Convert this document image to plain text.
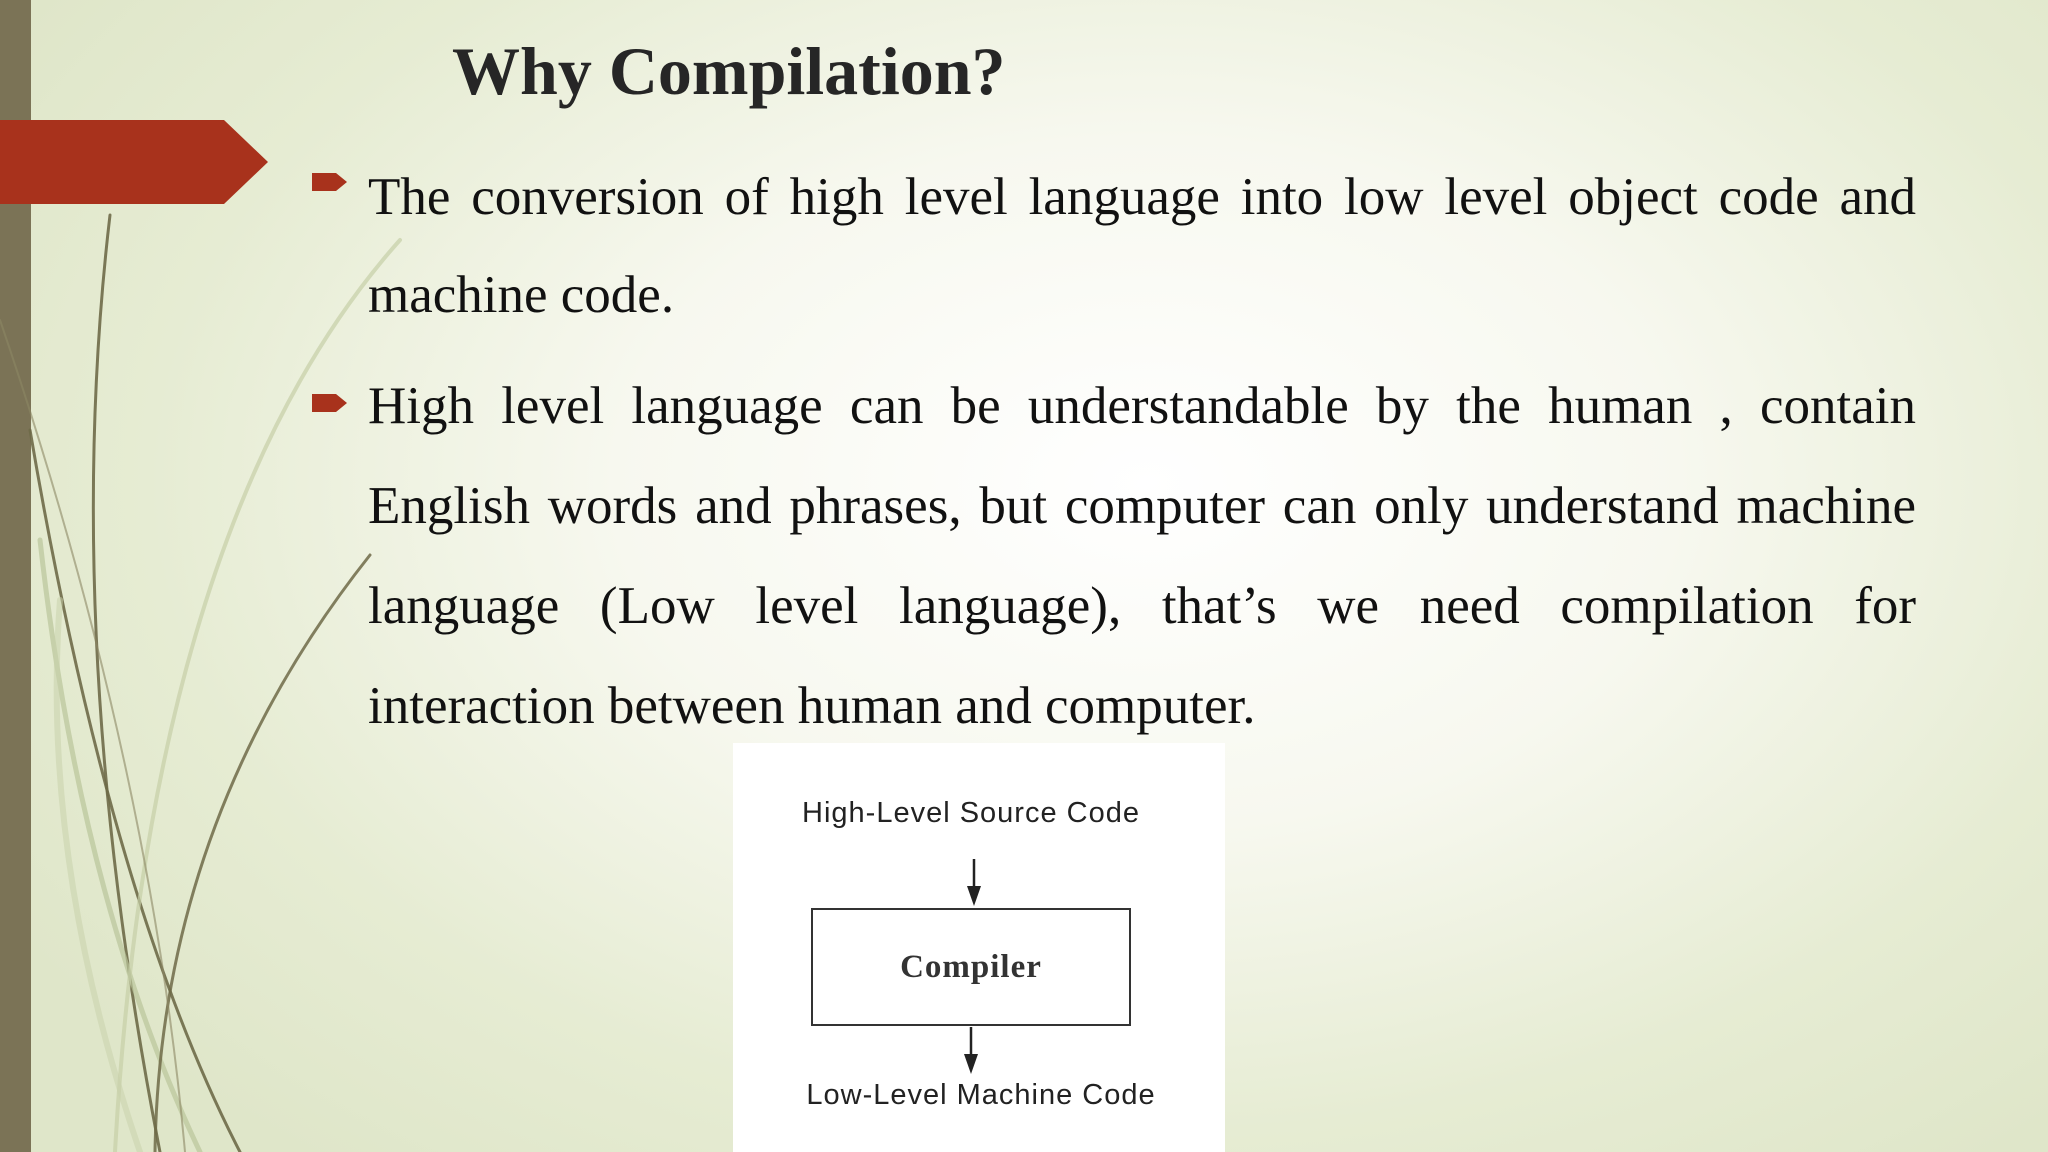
Why Compilation?

The conversion of high level language into low level object code and machine code.

High level language can be understandable by the human , contain English words and phrases, but computer can only understand machine language (Low level language), that’s we need compilation for interaction between human and computer.

High-Level Source Code
Compiler
Low-Level Machine Code
